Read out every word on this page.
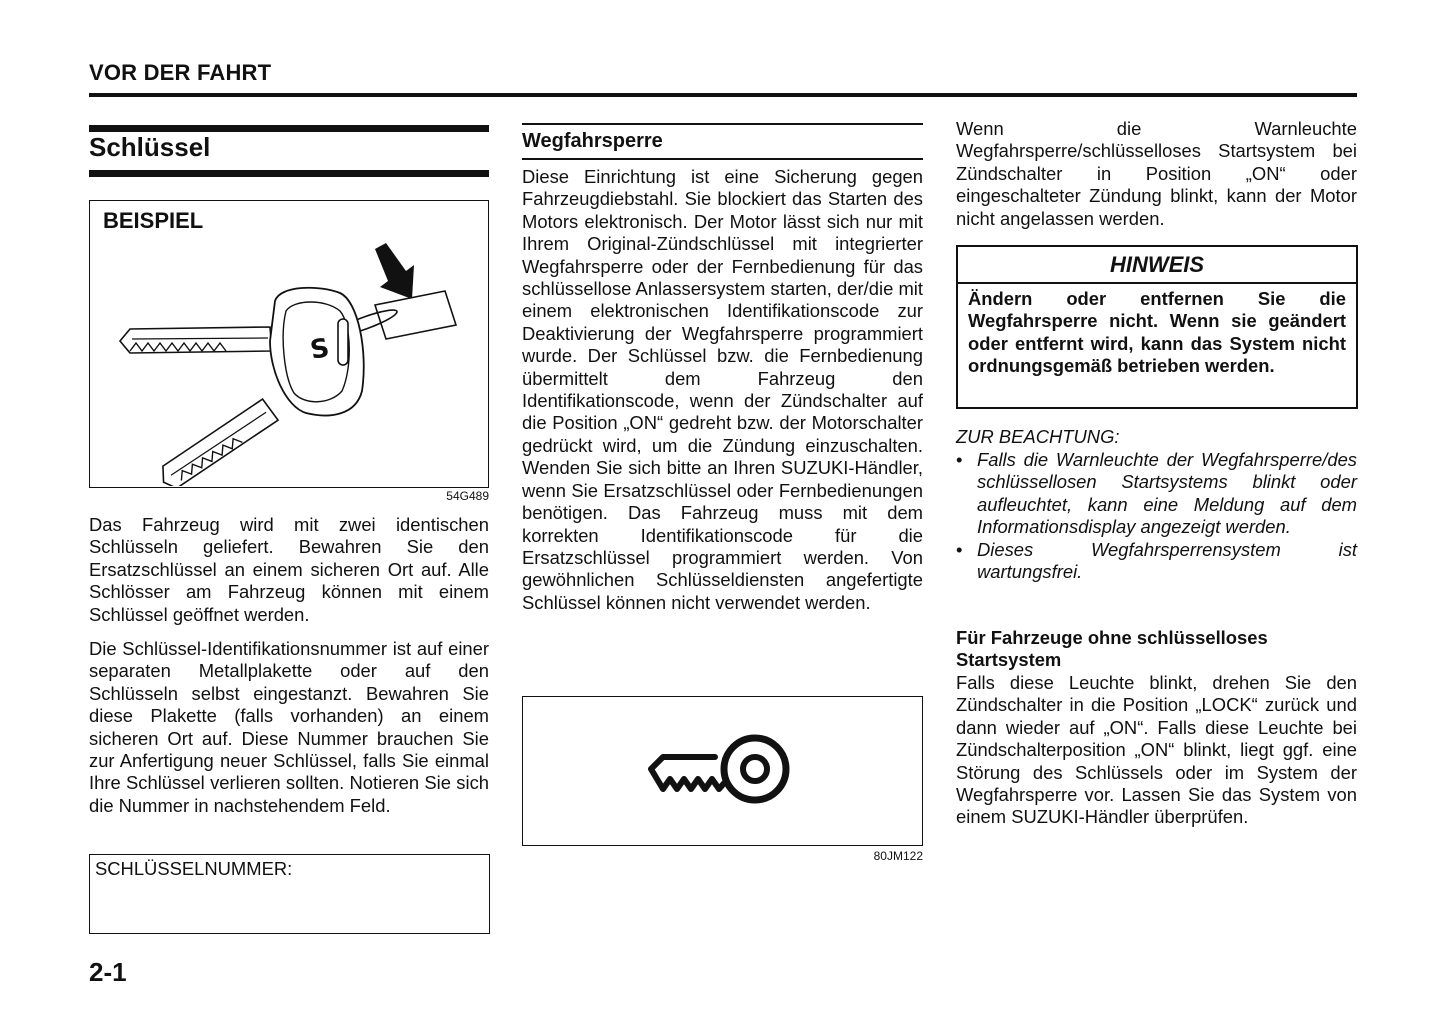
VOR DER FAHRT
Schlüssel
S
BEISPIEL
54G489
Das Fahrzeug wird mit zwei identischen Schlüsseln geliefert. Bewahren Sie den Ersatzschlüssel an einem sicheren Ort auf. Alle Schlösser am Fahrzeug können mit einem Schlüssel geöffnet werden.
Die Schlüssel-Identifikationsnummer ist auf einer separaten Metallplakette oder auf den Schlüsseln selbst eingestanzt. Bewahren Sie diese Plakette (falls vorhanden) an einem sicheren Ort auf. Diese Nummer brauchen Sie zur Anfertigung neuer Schlüssel, falls Sie einmal Ihre Schlüssel verlieren sollten. Notieren Sie sich die Nummer in nachstehendem Feld.
SCHLÜSSELNUMMER:
2-1
Wegfahrsperre
Diese Einrichtung ist eine Sicherung gegen Fahrzeugdiebstahl. Sie blockiert das Starten des Motors elektronisch. Der Motor lässt sich nur mit Ihrem Original-Zündschlüssel mit integrierter Wegfahrsperre oder der Fernbedienung für das schlüssellose Anlassersystem starten, der/die mit einem elektronischen Identifikationscode zur Deaktivierung der Wegfahrsperre programmiert wurde. Der Schlüssel bzw. die Fernbedienung übermittelt dem Fahrzeug den Identifikationscode, wenn der Zündschalter auf die Position „ON“ gedreht bzw. der Motorschalter gedrückt wird, um die Zündung einzuschalten. Wenden Sie sich bitte an Ihren SUZUKI-Händler, wenn Sie Ersatzschlüssel oder Fernbedienungen benötigen. Das Fahrzeug muss mit dem korrekten Identifikationscode für die Ersatzschlüssel programmiert werden. Von gewöhnlichen Schlüsseldiensten angefertigte Schlüssel können nicht verwendet werden.
80JM122
Wenn die Warnleuchte Wegfahrsperre/schlüsselloses Startsystem bei Zündschalter in Position „ON“ oder eingeschalteter Zündung blinkt, kann der Motor nicht angelassen werden.
HINWEIS
Ändern oder entfernen Sie die Wegfahrsperre nicht. Wenn sie geändert oder entfernt wird, kann das System nicht ordnungsgemäß betrieben werden.
ZUR BEACHTUNG:
• Falls die Warnleuchte der Wegfahrsperre/des schlüssellosen Startsystems blinkt oder aufleuchtet, kann eine Meldung auf dem Informationsdisplay angezeigt werden.
• Dieses Wegfahrsperrensystem ist wartungsfrei.
Für Fahrzeuge ohne schlüsselloses Startsystem
Falls diese Leuchte blinkt, drehen Sie den Zündschalter in die Position „LOCK“ zurück und dann wieder auf „ON“. Falls diese Leuchte bei Zündschalterposition „ON“ blinkt, liegt ggf. eine Störung des Schlüssels oder im System der Wegfahrsperre vor. Lassen Sie das System von einem SUZUKI-Händler überprüfen.
